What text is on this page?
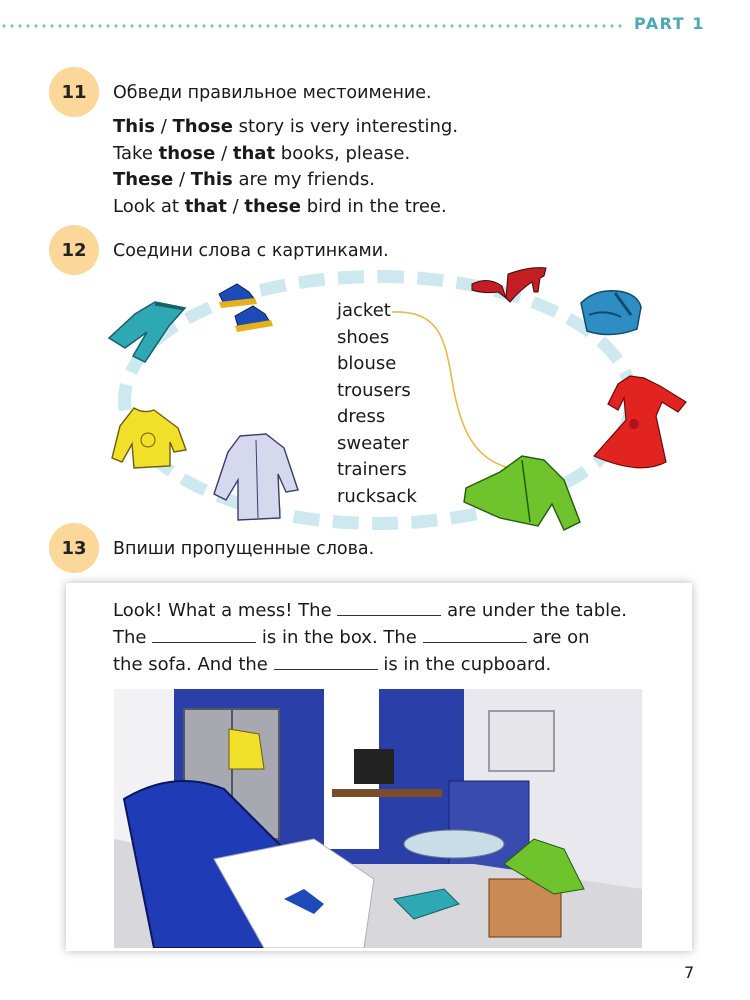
PART 1
11	Обведи правильное местоимение.
This / Those story is very interesting.
Take those / that books, please.
These / This are my friends.
Look at that / these bird in the tree.
12	Соедини слова с картинками.
jacket
shoes
blouse
trousers
dress
sweater
trainers
rucksack
13	Впиши пропущенные слова.
Look! What a mess! The	are under the table.
The	is in the box. The	are on
the sofa. And the	is in the cupboard.
7
